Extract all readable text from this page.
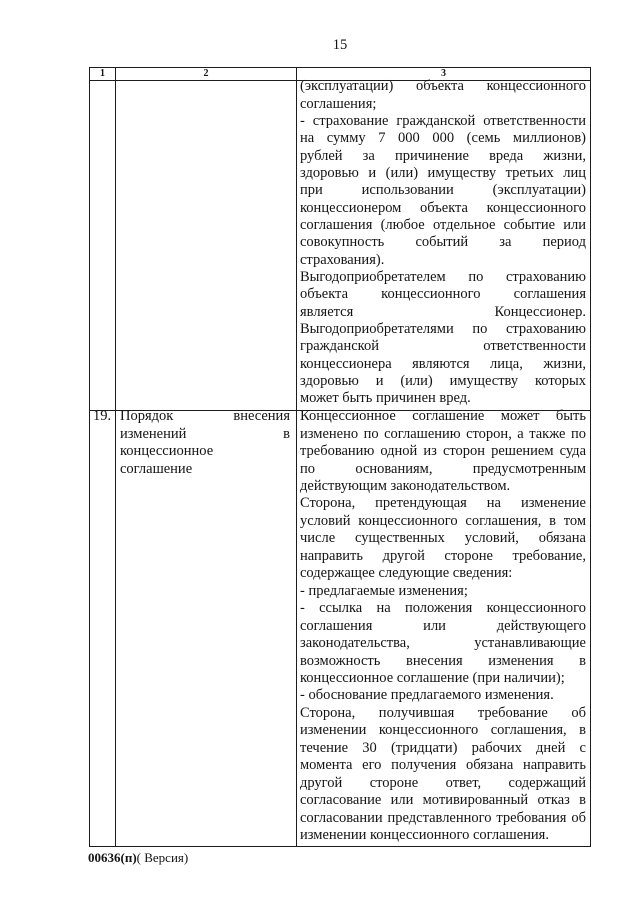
15
1	2	3
(эксплуатации) объекта концессионного
соглашения;
- страхование гражданской ответственности
на сумму 7 000 000 (семь миллионов)
рублей за причинение вреда жизни,
здоровью и (или) имуществу третьих лиц
при использовании (эксплуатации)
концессионером объекта концессионного
соглашения (любое отдельное событие или
совокупность событий за период
страхования).
Выгодоприобретателем по страхованию
объекта концессионного соглашения
является Концессионер.
Выгодоприобретателями по страхованию
гражданской ответственности
концессионера являются лица, жизни,
здоровью и (или) имуществу которых
может быть причинен вред.
19. Порядок внесения
изменений в
концессионное
соглашение
Концессионное соглашение может быть
изменено по соглашению сторон, а также по
требованию одной из сторон решением суда
по основаниям, предусмотренным
действующим законодательством.
Сторона, претендующая на изменение
условий концессионного соглашения, в том
числе существенных условий, обязана
направить другой стороне требование,
содержащее следующие сведения:
- предлагаемые изменения;
- ссылка на положения концессионного
соглашения или действующего
законодательства, устанавливающие
возможность внесения изменения в
концессионное соглашение (при наличии);
- обоснование предлагаемого изменения.
Сторона, получившая требование об
изменении концессионного соглашения, в
течение 30 (тридцати) рабочих дней с
момента его получения обязана направить
другой стороне ответ, содержащий
согласование или мотивированный отказ в
согласовании представленного требования об
изменении концессионного соглашения.
00636(п)( Версия)
